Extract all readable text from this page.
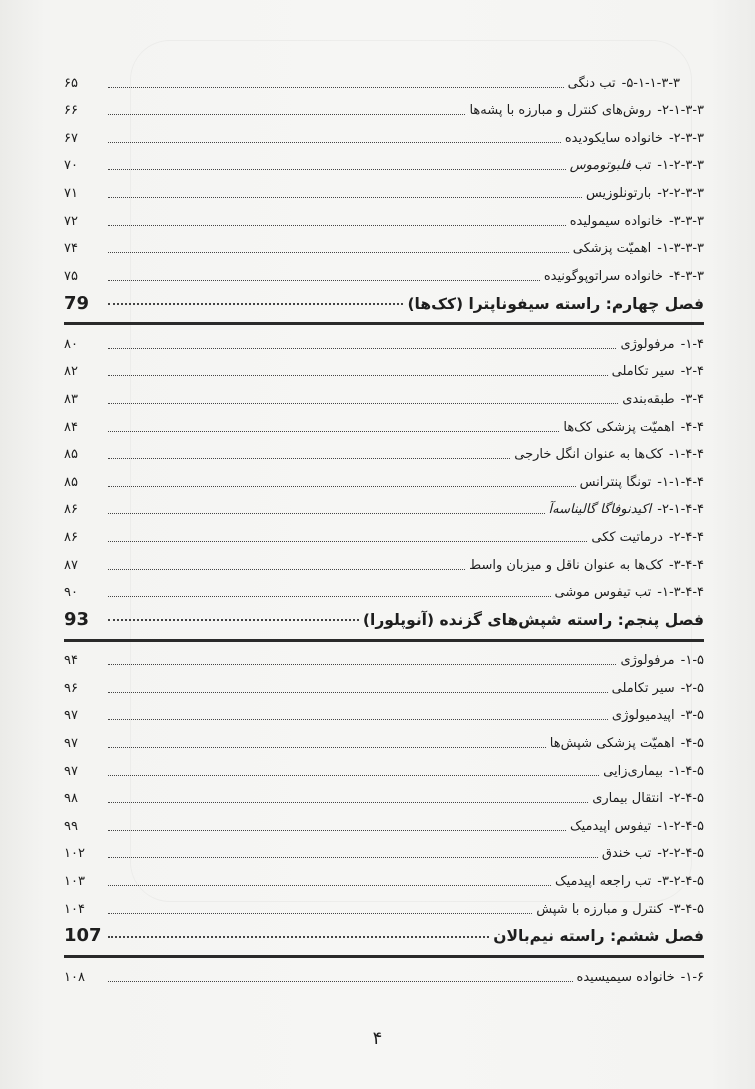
۶۵	۵-۱-۱-۳-۳-تب دنگی
۶۶	۲-۱-۳-۳-روش‌های کنترل و مبارزه با پشه‌ها
۶۷	۲-۳-۳-خانواده سایکودیده
۷۰	۱-۲-۳-۳-تب فلبوتوموس
۷۱	۲-۲-۳-۳-بارتونلوزیس
۷۲	۳-۳-۳-خانواده سیمولیده
۷۴	۱-۳-۳-۳-اهمیّت پزشکی
۷۵	۴-۳-۳-خانواده سراتوپوگونیده
79	فصل چهارم: راسته سیفوناپترا (کک‌ها)
۸۰	۱-۴-مرفولوژی
۸۲	۲-۴-سیر تکاملی
۸۳	۳-۴-طبقه‌بندی
۸۴	۴-۴-اهمیّت پزشکی کک‌ها
۸۵	۱-۴-۴-کک‌ها به عنوان انگل خارجی
۸۵	۱-۱-۴-۴-تونگا پنترانس
۸۶	۲-۱-۴-۴-اکیدنوفاگا گالیناسه‌آ
۸۶	۲-۴-۴-درماتیت ککی
۸۷	۳-۴-۴-کک‌ها به عنوان ناقل و میزبان واسط
۹۰	۱-۳-۴-۴-تب تیفوس موشی
93	فصل پنجم: راسته شپش‌های گزنده (آنوپلورا)
۹۴	۱-۵-مرفولوژی
۹۶	۲-۵-سیر تکاملی
۹۷	۳-۵-اپیدمیولوژی
۹۷	۴-۵-اهمیّت پزشکی شپش‌ها
۹۷	۱-۴-۵-بیماری‌زایی
۹۸	۲-۴-۵-انتقال بیماری
۹۹	۱-۲-۴-۵-تیفوس اپیدمیک
۱۰۲	۲-۲-۴-۵-تب خندق
۱۰۳	۳-۲-۴-۵-تب راجعه اپیدمیک
۱۰۴	۳-۴-۵-کنترل و مبارزه با شپش
107	فصل ششم: راسته نیم‌بالان
۱۰۸	۱-۶-خانواده سیمیسیده
۴
